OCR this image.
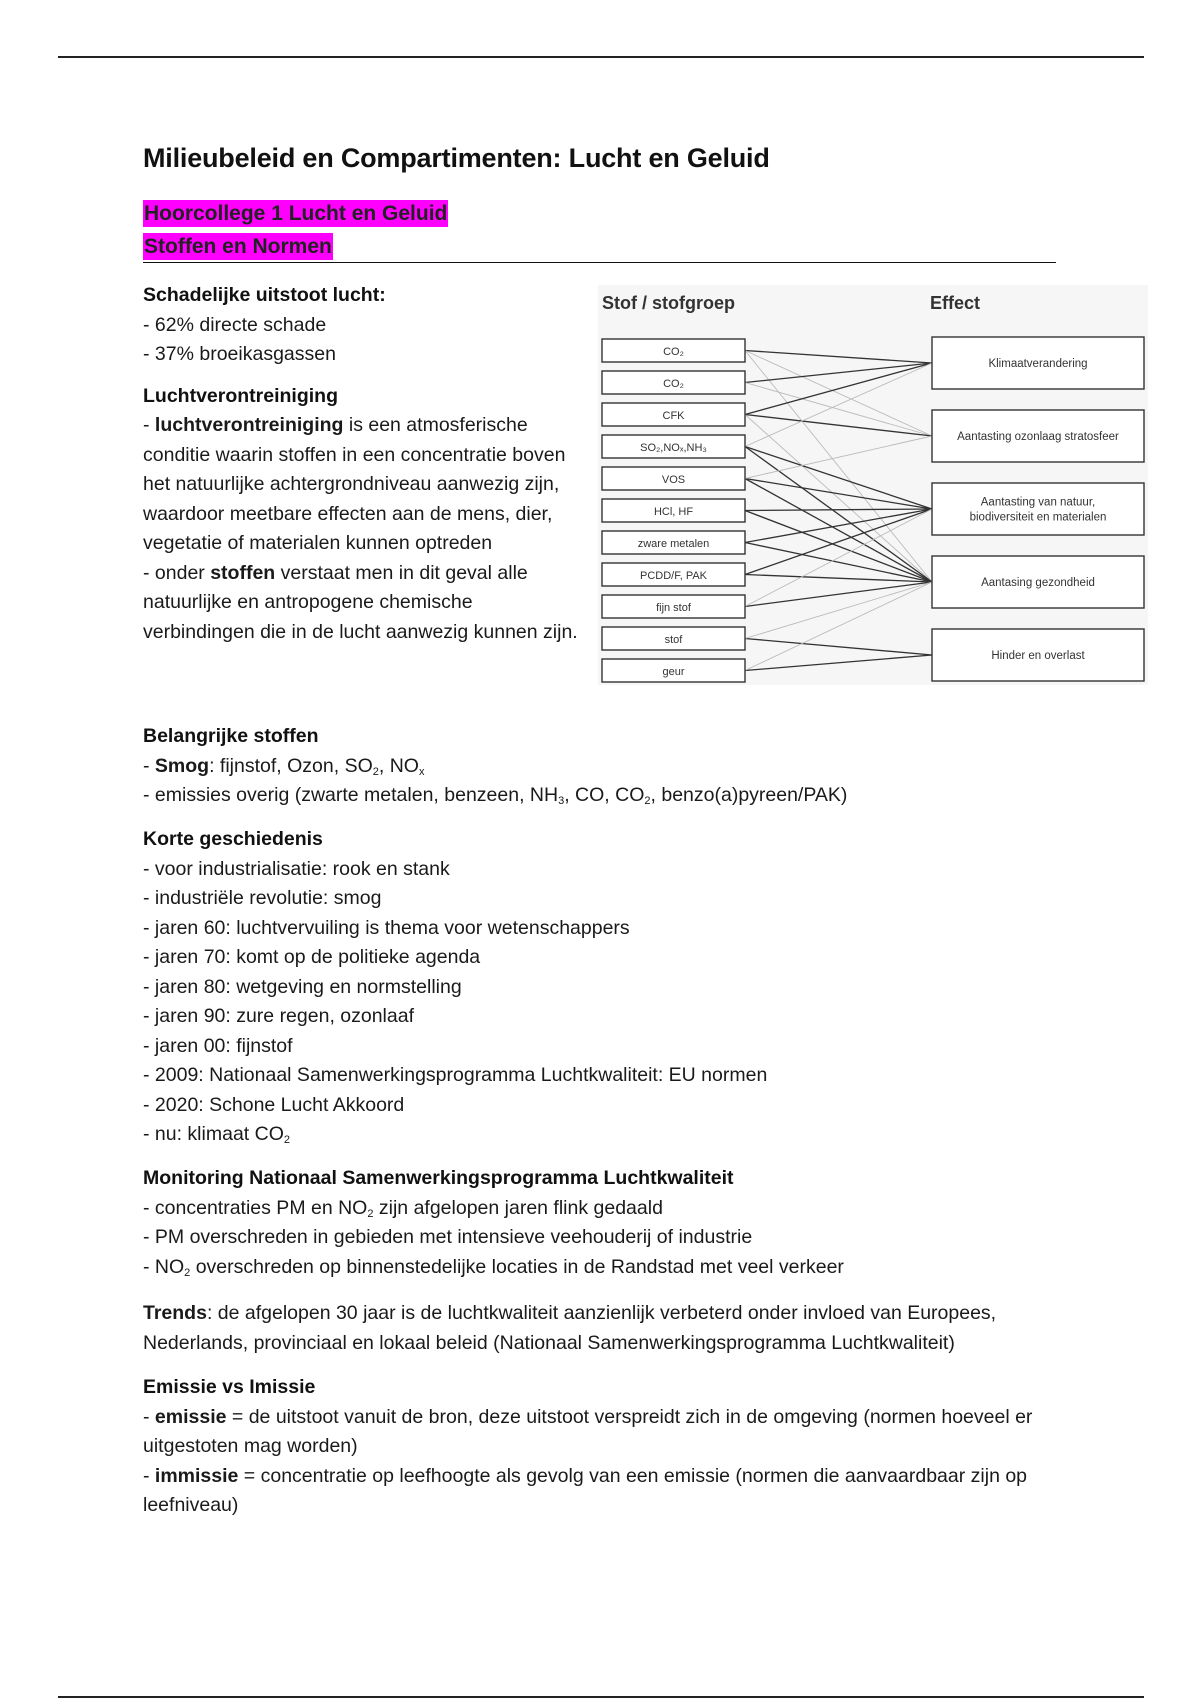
Milieubeleid en Compartimenten: Lucht en Geluid
Hoorcollege 1 Lucht en Geluid
Stoffen en Normen

Schadelijke uitstoot lucht:

- 62% directe schade

- 37% broeikasgassen

Luchtverontreiniging

- luchtverontreiniging is een atmosferische conditie waarin stoffen in een concentratie boven het natuurlijke achtergrondniveau aanwezig zijn, waardoor meetbare effecten aan de mens, dier, vegetatie of materialen kunnen optreden

- onder stoffen verstaat men in dit geval alle natuurlijke en antropogene chemische verbindingen die in de lucht aanwezig kunnen zijn.

Stof / stofgroep	Effect
CO₂
CO₂
CFK
SO₂,NOₓ,NH₃
VOS
HCl, HF
zware metalen
PCDD/F, PAK
fijn stof
stof
geur
Klimaatverandering
Aantasting ozonlaag stratosfeer
Aantasting van natuur,
biodiversiteit en materialen
Aantasing gezondheid
Hinder en overlast

Belangrijke stoffen

- Smog: fijnstof, Ozon, $SO_2$, $NO_x$

- emissies overig (zwarte metalen, benzeen, $NH_3$, CO, $CO_2$, benzo(a)pyreen/PAK)

Korte geschiedenis

- voor industrialisatie: rook en stank

- industriële revolutie: smog

- jaren 60: luchtvervuiling is thema voor wetenschappers

- jaren 70: komt op de politieke agenda

- jaren 80: wetgeving en normstelling

- jaren 90: zure regen, ozonlaaf

- jaren 00: fijnstof

- 2009: Nationaal Samenwerkingsprogramma Luchtkwaliteit: EU normen

- 2020: Schone Lucht Akkoord

- nu: klimaat $CO_2$

Monitoring Nationaal Samenwerkingsprogramma Luchtkwaliteit

- concentraties PM en $NO_2$ zijn afgelopen jaren flink gedaald

- PM overschreden in gebieden met intensieve veehouderij of industrie

- $NO_2$ overschreden op binnenstedelijke locaties in de Randstad met veel verkeer

Trends: de afgelopen 30 jaar is de luchtkwaliteit aanzienlijk verbeterd onder invloed van Europees, Nederlands, provinciaal en lokaal beleid (Nationaal Samenwerkingsprogramma Luchtkwaliteit)

Emissie vs Imissie

- emissie = de uitstoot vanuit de bron, deze uitstoot verspreidt zich in de omgeving (normen hoeveel er uitgestoten mag worden)

- immissie = concentratie op leefhoogte als gevolg van een emissie (normen die aanvaardbaar zijn op leefniveau)
